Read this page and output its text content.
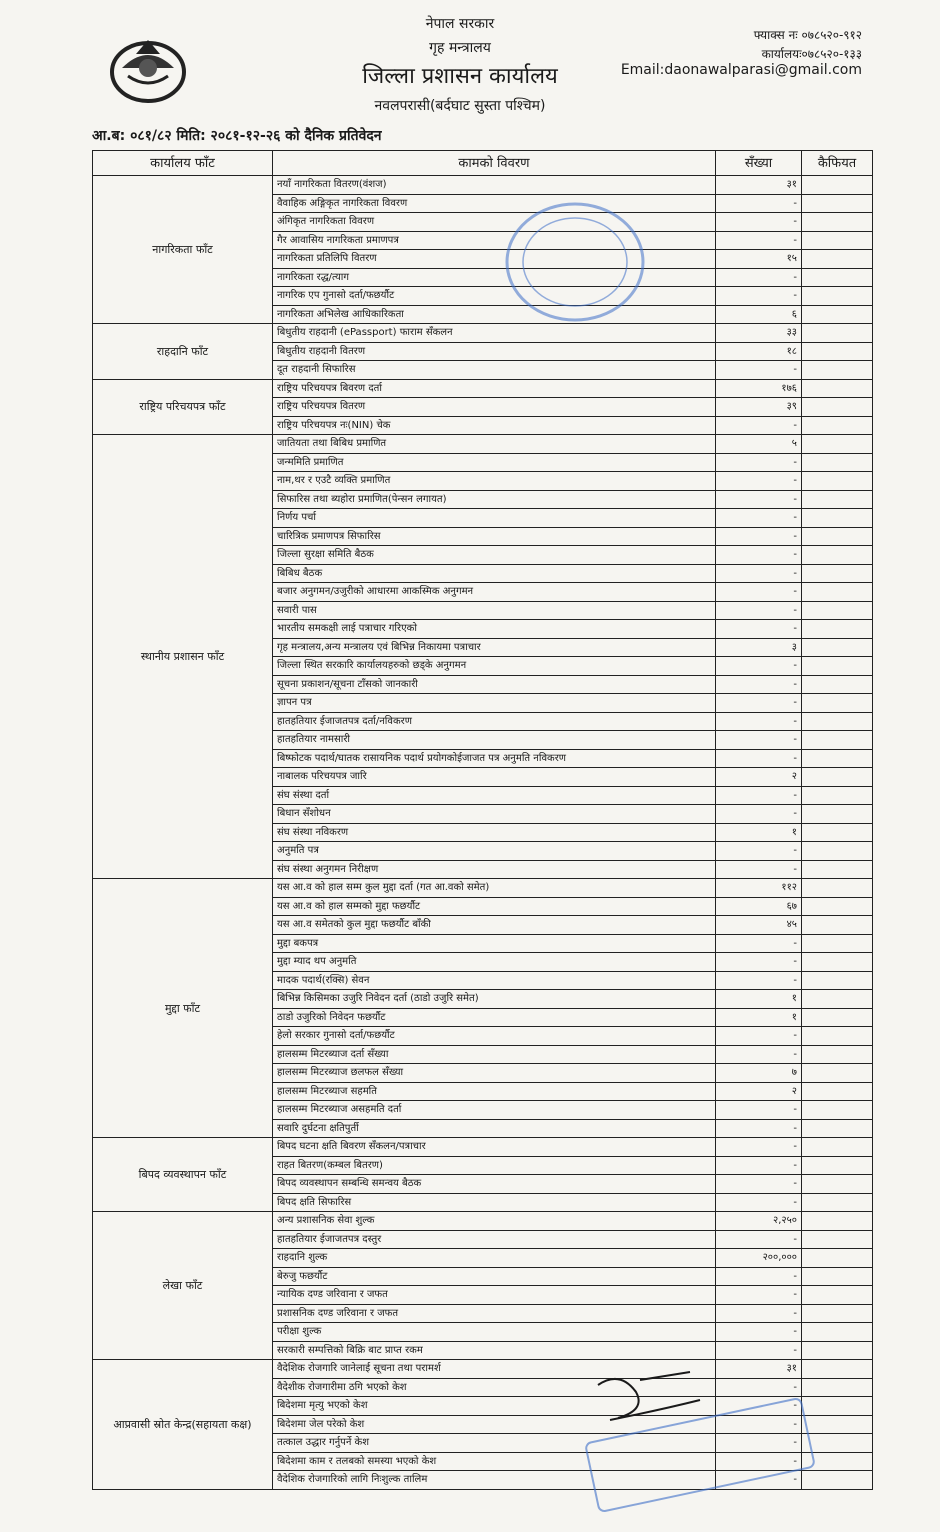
नेपाल सरकार
गृह मन्त्रालय
जिल्ला प्रशासन कार्यालय
नवलपरासी(बर्दघाट सुस्ता पश्चिम)
फ्याक्स नः ०७८५२०-९१२
कार्यालयः०७८५२०-१३३
Email:daonawalparasi@gmail.com
आ.ब: ०८१/८२ मिति: २०८१-१२-२६ को दैनिक प्रतिवेदन
कार्यालय फाँट	कामको विवरण	सँख्या	कैफियत
नागरिकता फाँट	नयाँ नागरिकता वितरण(वंशज)	३१	
	वैवाहिक अङ्गिकृत नागरिकता विवरण	-	
	अंगिकृत नागरिकता विवरण	-	
	गैर आवासिय नागरिकता प्रमाणपत्र	-	
	नागरिकता प्रतिलिपि वितरण	१५	
	नागरिकता रद्ध/त्याग	-	
	नागरिक एप गुनासो दर्ता/फछर्यौट	-	
	नागरिकता अभिलेख आधिकारिकता	६	
राहदानि फाँट	बिधुतीय राहदानी (ePassport) फाराम सँकलन	३३	
	बिधुतीय राहदानी वितरण	१८	
	दूत राहदानी सिफारिस	-	
राष्ट्रिय परिचयपत्र फाँट	राष्ट्रिय परिचयपत्र बिवरण दर्ता	१७६	
	राष्ट्रिय परिचयपत्र वितरण	३९	
	राष्ट्रिय परिचयपत्र नः(NIN) चेक	-	
स्थानीय प्रशासन फाँट	जातियता तथा बिबिध प्रमाणित	५	
	जन्ममिति प्रमाणित	-	
	नाम,थर र एउटै व्यक्ति प्रमाणित	-	
	सिफारिस तथा ब्यहोरा प्रमाणित(पेन्सन लगायत)	-	
	निर्णय पर्चा	-	
	चारित्रिक प्रमाणपत्र सिफारिस	-	
	जिल्ला सुरक्षा समिति बैठक	-	
	बिबिध बैठक	-	
	बजार अनुगमन/उजुरीको आधारमा आकस्मिक अनुगमन	-	
	सवारी पास	-	
	भारतीय समकक्षी लाई पत्राचार गरिएको	-	
	गृह मन्त्रालय,अन्य मन्त्रालय एवं बिभिन्न निकायमा पत्राचार	३	
	जिल्ला स्थित सरकारि कार्यालयहरुको छड्के अनुगमन	-	
	सूचना प्रकाशन/सूचना टाँसको जानकारी	-	
	ज्ञापन पत्र	-	
	हातहतियार ईजाजतपत्र दर्ता/नविकरण	-	
	हातहतियार नामसारी	-	
	बिष्फोटक पदार्थ/घातक रासायनिक पदार्थ प्रयोगकोईजाजत पत्र अनुमति नविकरण	-	
	नाबालक परिचयपत्र जारि	२	
	संघ संस्था दर्ता	-	
	बिधान सँशोधन	-	
	संघ संस्था नविकरण	१	
	अनुमति पत्र	-	
	संघ संस्था अनुगमन निरीक्षण	-	
मुद्दा फाँट	यस आ.व को हाल सम्म कुल मुद्दा दर्ता (गत आ.वको समेत)	११२	
	यस आ.व को हाल सम्मको मुद्दा फछर्यौट	६७	
	यस आ.व समेतको कुल मुद्दा फछर्यौट बाँकी	४५	
	मुद्दा बकपत्र	-	
	मुद्दा म्याद थप अनुमति	-	
	मादक पदार्थ(रक्सि) सेवन	-	
	बिभिन्न किसिमका उजुरि निवेदन दर्ता (ठाडो उजुरि समेत)	१	
	ठाडो उजुरिको निवेदन फछर्यौट	१	
	हेलो सरकार गुनासो दर्ता/फछर्यौट	-	
	हालसम्म मिटरब्याज दर्ता सँख्या	-	
	हालसम्म मिटरब्याज छलफल सँख्या	७	
	हालसम्म मिटरब्याज सहमति	२	
	हालसम्म मिटरब्याज असहमति दर्ता	-	
	सवारि दुर्घटना क्षतिपुर्ती	-	
बिपद व्यवस्थापन फाँट	बिपद घटना क्षति बिवरण सँकलन/पत्राचार	-	
	राहत बितरण(कम्बल बितरण)	-	
	बिपद व्यवस्थापन सम्बन्धि समन्वय बैठक	-	
	बिपद क्षति सिफारिस	-	
लेखा फाँट	अन्य प्रशासनिक सेवा शुल्क	२,२५०	
	हातहतियार ईजाजतपत्र दस्तुर	-	
	राहदानि शुल्क	२००,०००	
	बेरुजु फछर्यौट	-	
	न्यायिक दण्ड जरिवाना र जफत	-	
	प्रशासनिक दण्ड जरिवाना र जफत	-	
	परीक्षा शुल्क	-	
	सरकारी सम्पत्तिको बिक्रि बाट प्राप्त रकम	-	
आप्रवासी स्रोत केन्द्र(सहायता कक्ष)	वैदेशिक रोजगारि जानेलाई सूचना तथा परामर्श	३१	
	वैदेशीक रोजगारीमा ठगि भएको केश	-	
	बिदेशमा मृत्यु भएको केश	-	
	बिदेशमा जेल परेको केश	-	
	तत्काल उद्धार गर्नुपर्ने केश	-	
	बिदेशमा काम र तलबको समस्या भएको केश	-	
	वैदेशिक रोजगारिको लागि निःशुल्क तालिम	-	
